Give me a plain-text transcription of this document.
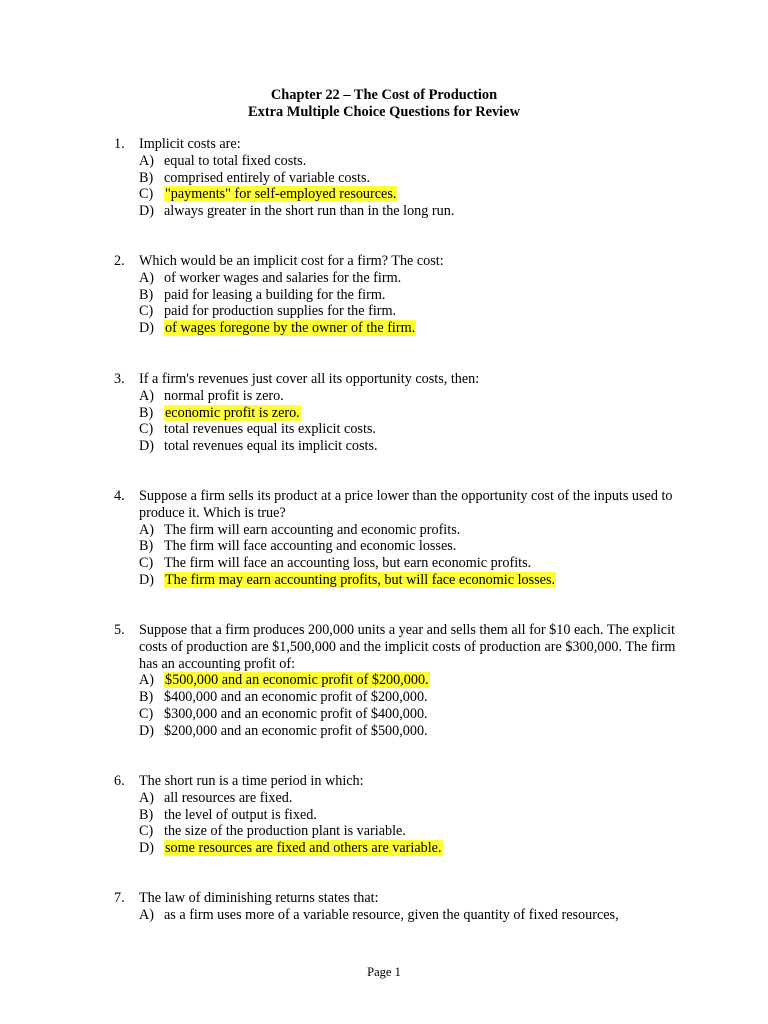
Chapter 22 – The Cost of Production
Extra Multiple Choice Questions for Review
1. Implicit costs are:
A) equal to total fixed costs.
B) comprised entirely of variable costs.
C) "payments" for self-employed resources.
D) always greater in the short run than in the long run.
2. Which would be an implicit cost for a firm? The cost:
A) of worker wages and salaries for the firm.
B) paid for leasing a building for the firm.
C) paid for production supplies for the firm.
D) of wages foregone by the owner of the firm.
3. If a firm's revenues just cover all its opportunity costs, then:
A) normal profit is zero.
B) economic profit is zero.
C) total revenues equal its explicit costs.
D) total revenues equal its implicit costs.
4. Suppose a firm sells its product at a price lower than the opportunity cost of the inputs used to produce it. Which is true?
A) The firm will earn accounting and economic profits.
B) The firm will face accounting and economic losses.
C) The firm will face an accounting loss, but earn economic profits.
D) The firm may earn accounting profits, but will face economic losses.
5. Suppose that a firm produces 200,000 units a year and sells them all for $10 each. The explicit costs of production are $1,500,000 and the implicit costs of production are $300,000. The firm has an accounting profit of:
A) $500,000 and an economic profit of $200,000.
B) $400,000 and an economic profit of $200,000.
C) $300,000 and an economic profit of $400,000.
D) $200,000 and an economic profit of $500,000.
6. The short run is a time period in which:
A) all resources are fixed.
B) the level of output is fixed.
C) the size of the production plant is variable.
D) some resources are fixed and others are variable.
7. The law of diminishing returns states that:
A) as a firm uses more of a variable resource, given the quantity of fixed resources,
Page 1
